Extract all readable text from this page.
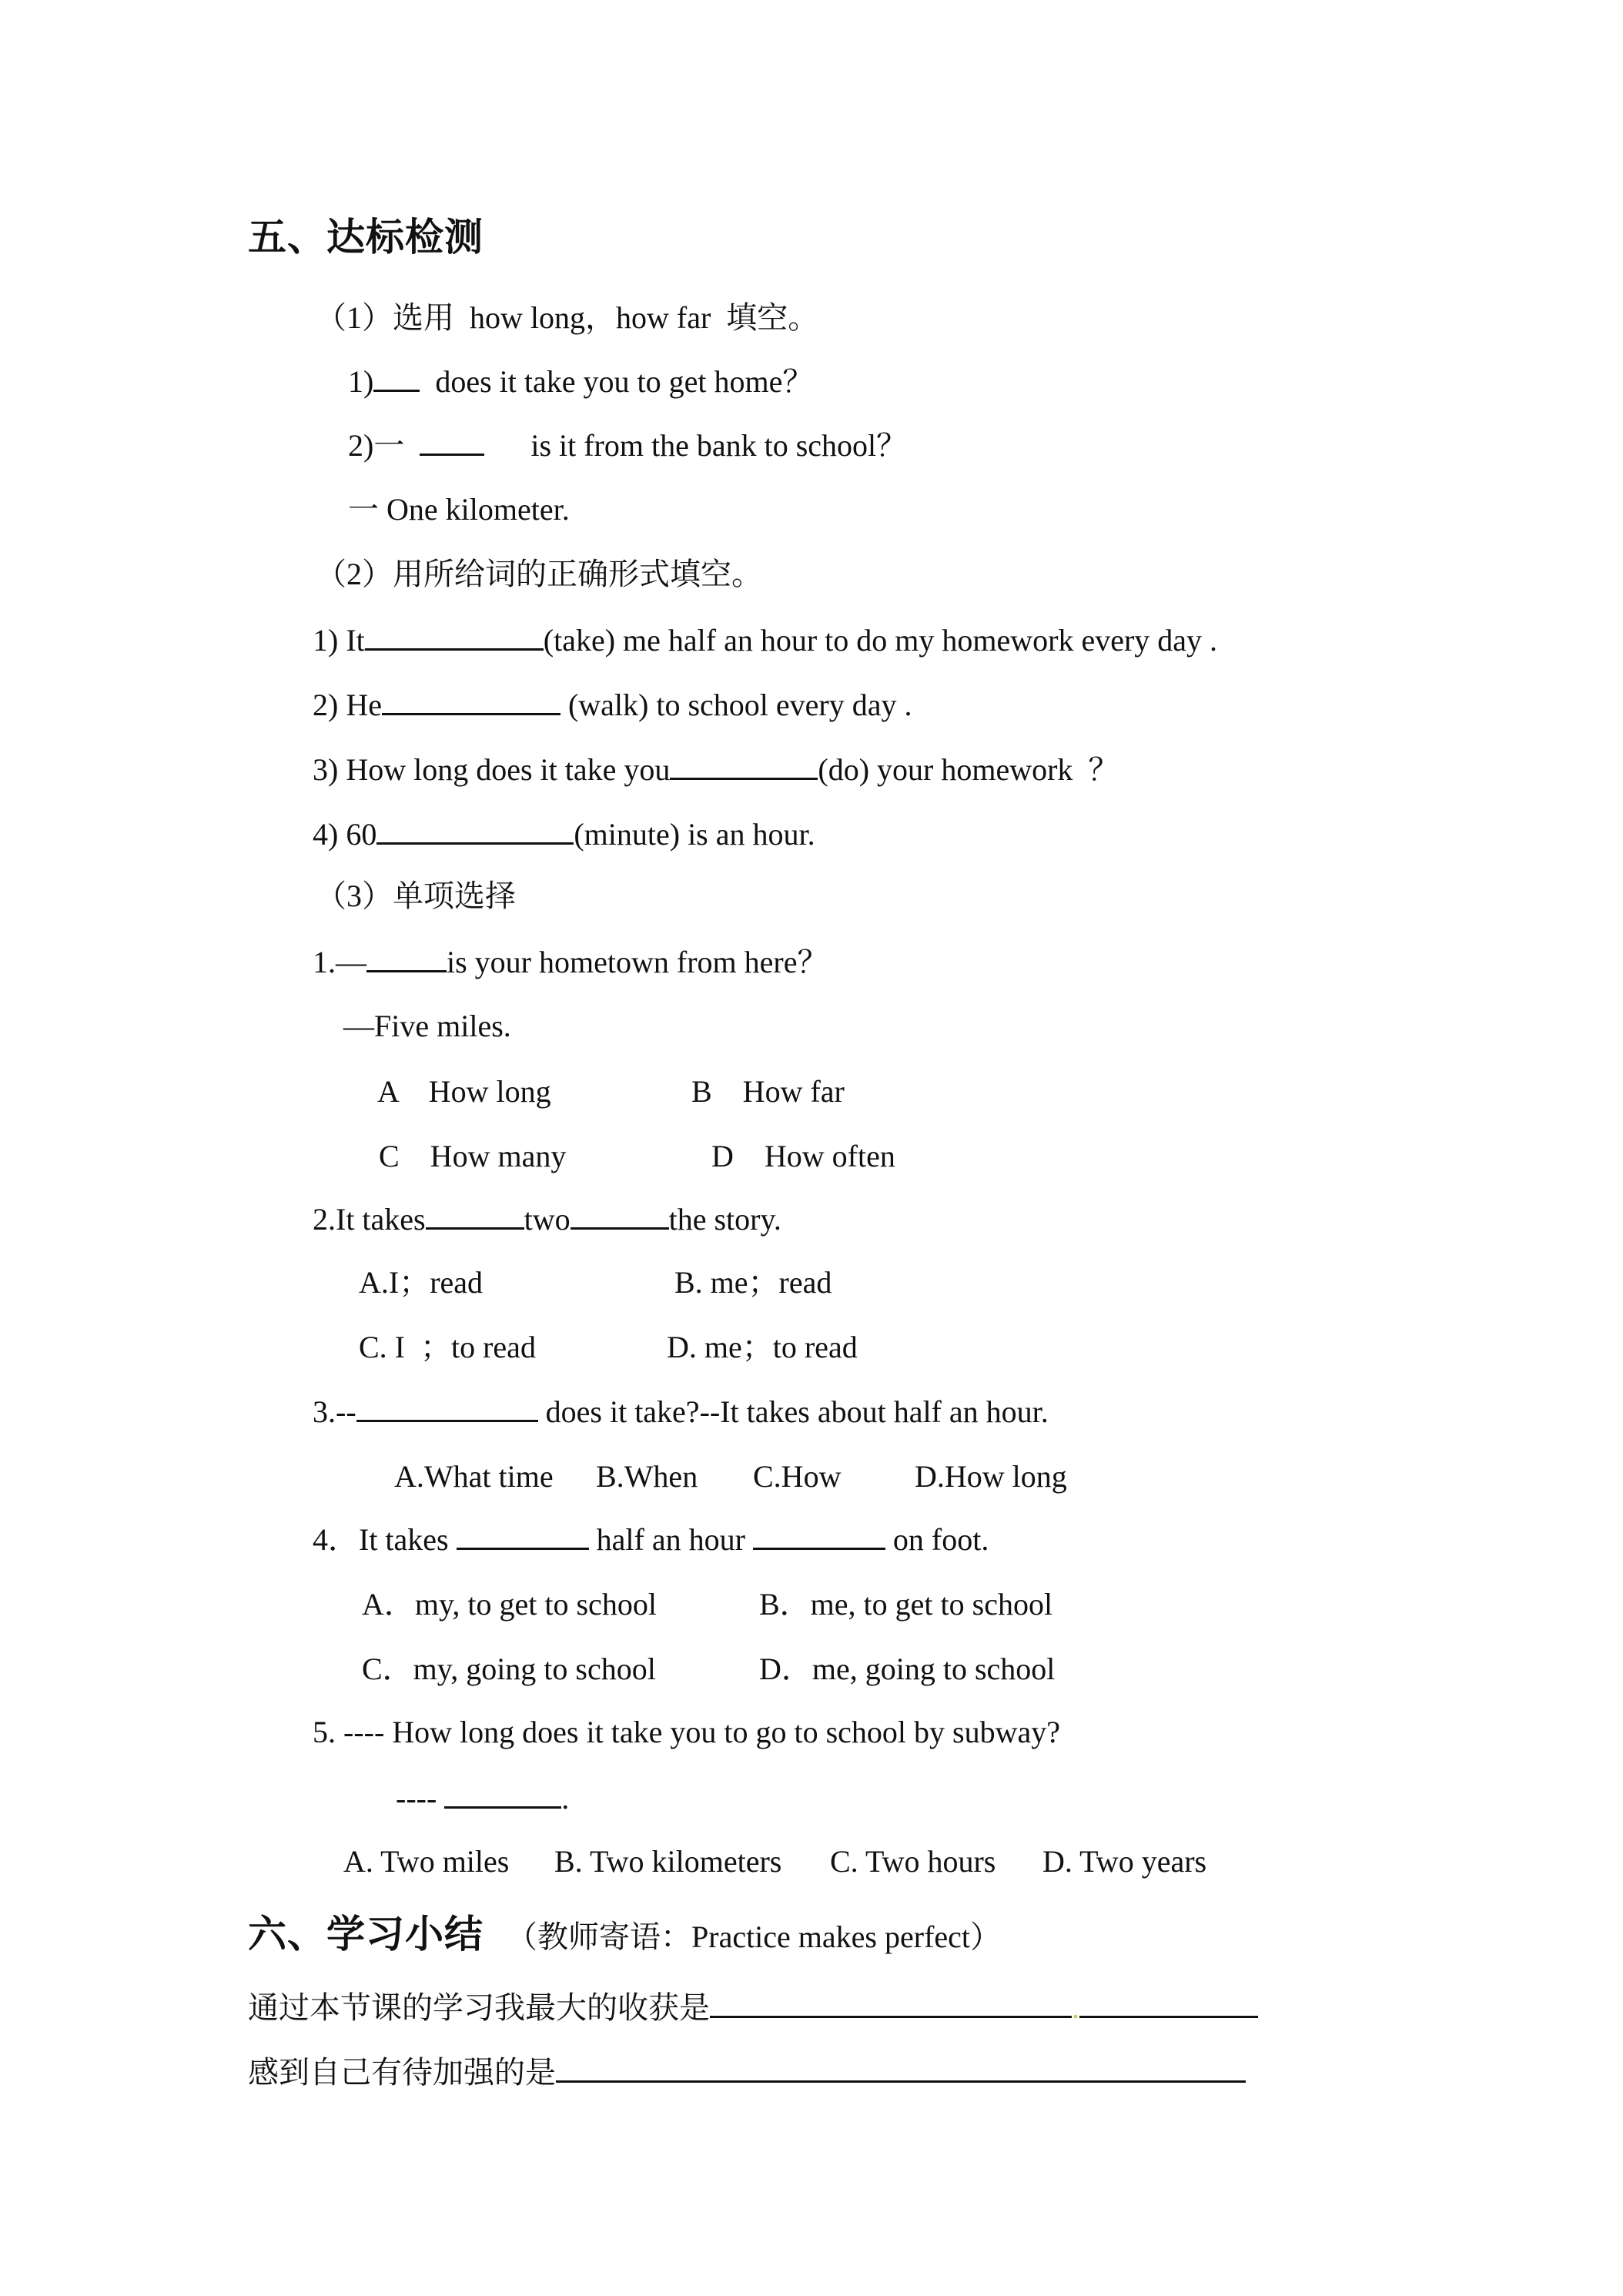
五、达标检测
（1）选用  how long，how far  填空。
1) does it take you to get home？
2)一	is it from the bank to school？
一 One kilometer.
（2）用所给词的正确形式填空。
1) It	(take) me half an hour to do my homework every day .
2) He	(walk) to school every day .
3) How long does it take you	(do) your homework  ？
4) 60	(minute) is an hour.
（3）单项选择
1.—	is your hometown from here？
—Five miles.
A    How long	B    How far
C    How many	D    How often
2.It takes	two	the story.
A.I；read	B. me；read
C. I  ；to read	D. me；to read
3.--	does it take?--It takes about half an hour.
A.What time B.When C.How D.How long
4．It takes	half an hour	on foot.
A．my, to get to school	B．me, to get to school
C．my, going to school	D．me, going to school
5. ---- How long does it take you to go to school by subway?
----	.
A. Two miles B. Two kilometers C. Two hours D. Two years
六、学习小结 （教师寄语：Practice makes perfect）
通过本节课的学习我最大的收获是	.
感到自己有待加强的是
